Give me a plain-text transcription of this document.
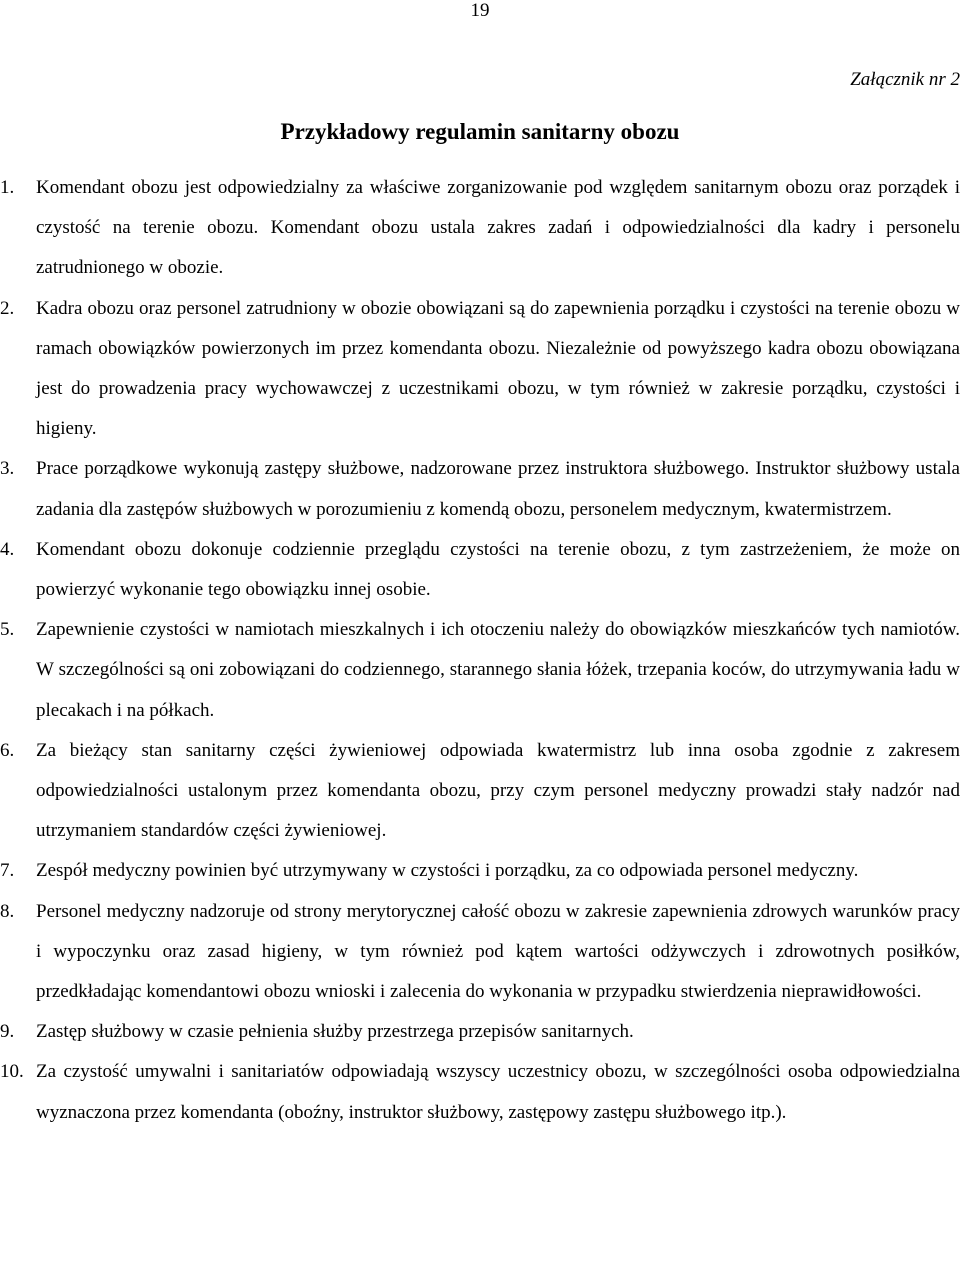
19
Załącznik nr 2
Przykładowy regulamin sanitarny obozu
1.	Komendant obozu jest odpowiedzialny za właściwe zorganizowanie pod względem sanitarnym obozu oraz porządek i czystość na terenie obozu. Komendant obozu ustala zakres zadań i odpowiedzialności dla kadry i personelu zatrudnionego w obozie.
2.	Kadra obozu oraz personel zatrudniony w obozie obowiązani są do zapewnienia porządku i czystości na terenie obozu w ramach obowiązków powierzonych im przez komendanta obozu. Niezależnie od powyższego kadra obozu obowiązana jest do prowadzenia pracy wychowawczej z uczestnikami obozu, w tym również w zakresie porządku, czystości i higieny.
3.	Prace porządkowe wykonują zastępy służbowe, nadzorowane przez instruktora służbowego. Instruktor służbowy ustala zadania dla zastępów służbowych w porozumieniu z komendą obozu, personelem medycznym, kwatermistrzem.
4.	Komendant obozu dokonuje codziennie przeglądu czystości na terenie obozu, z tym zastrzeżeniem, że może on powierzyć wykonanie tego obowiązku innej osobie.
5.	Zapewnienie czystości w namiotach mieszkalnych i ich otoczeniu należy do obowiązków mieszkańców tych namiotów. W szczególności są oni zobowiązani do codziennego, starannego słania łóżek, trzepania koców, do utrzymywania ładu w plecakach i na półkach.
6.	Za bieżący stan sanitarny części żywieniowej odpowiada kwatermistrz lub inna osoba zgodnie z zakresem odpowiedzialności ustalonym przez komendanta obozu, przy czym personel medyczny prowadzi stały nadzór nad utrzymaniem standardów części żywieniowej.
7.	Zespół medyczny powinien być utrzymywany w czystości i porządku, za co odpowiada personel medyczny.
8.	Personel medyczny nadzoruje od strony merytorycznej całość obozu w zakresie zapewnienia zdrowych warunków pracy i wypoczynku oraz zasad higieny, w tym również pod kątem wartości odżywczych i zdrowotnych posiłków, przedkładając komendantowi obozu wnioski i zalecenia do wykonania w przypadku stwierdzenia nieprawidłowości.
9.	Zastęp służbowy w czasie pełnienia służby przestrzega przepisów sanitarnych.
10. Za czystość umywalni i sanitariatów odpowiadają wszyscy uczestnicy obozu, w szczególności osoba odpowiedzialna wyznaczona przez komendanta (oboźny, instruktor służbowy, zastępowy zastępu służbowego itp.).
